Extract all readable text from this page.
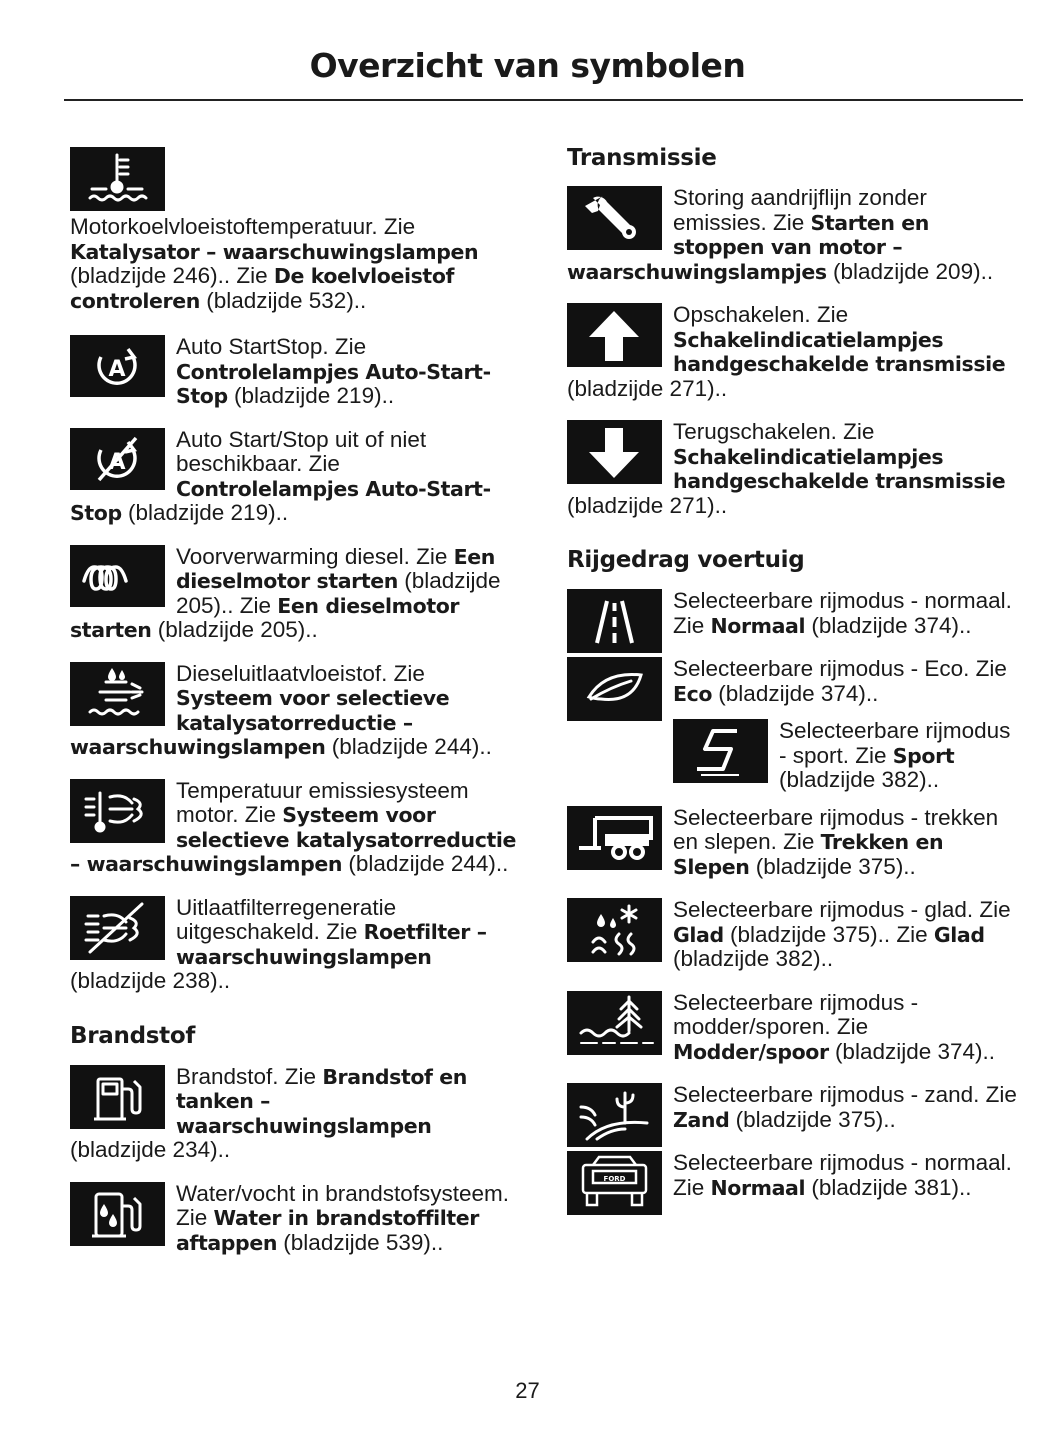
Overzicht van symbolen
Motorkoelvloeistoftemperatuur. Zie Katalysator – waarschuwingslampen (bladzijde 246).. Zie De koelvloeistof controleren (bladzijde 532)..
A
Auto StartStop. Zie Controlelampjes Auto-Start-Stop (bladzijde 219)..
A
Auto Start/Stop uit of niet beschikbaar. Zie Controlelampjes Auto-Start-Stop (bladzijde 219)..
Voorverwarming diesel. Zie Een dieselmotor starten (bladzijde 205).. Zie Een dieselmotor starten (bladzijde 205)..
Dieseluitlaatvloeistof. Zie Systeem voor selectieve katalysatorreductie – waarschuwingslampen (bladzijde 244)..
Temperatuur emissiesysteem motor. Zie Systeem voor selectieve katalysatorreductie – waarschuwingslampen (bladzijde 244)..
Uitlaatfilterregeneratie uitgeschakeld. Zie Roetfilter – waarschuwingslampen (bladzijde 238)..
Brandstof
Brandstof. Zie Brandstof en tanken – waarschuwingslampen (bladzijde 234)..
Water/vocht in brandstofsysteem. Zie Water in brandstoffilter aftappen (bladzijde 539)..
Transmissie
Storing aandrijflijn zonder emissies. Zie Starten en stoppen van motor – waarschuwingslampjes (bladzijde 209)..
Opschakelen. Zie Schakelindicatielampjes handgeschakelde transmissie (bladzijde 271)..
Terugschakelen. Zie Schakelindicatielampjes handgeschakelde transmissie (bladzijde 271)..
Rijgedrag voertuig
Selecteerbare rijmodus - normaal. Zie Normaal (bladzijde 374)..
Selecteerbare rijmodus - Eco. Zie Eco (bladzijde 374)..
Selecteerbare rijmodus - sport. Zie Sport (bladzijde 382)..
Selecteerbare rijmodus - trekken en slepen. Zie Trekken en Slepen (bladzijde 375)..
Selecteerbare rijmodus - glad. Zie Glad (bladzijde 375).. Zie Glad (bladzijde 382)..
Selecteerbare rijmodus - modder/sporen. Zie Modder/spoor (bladzijde 374)..
Selecteerbare rijmodus - zand. Zie Zand (bladzijde 375)..
FORD
Selecteerbare rijmodus - normaal. Zie Normaal (bladzijde 381)..
27
